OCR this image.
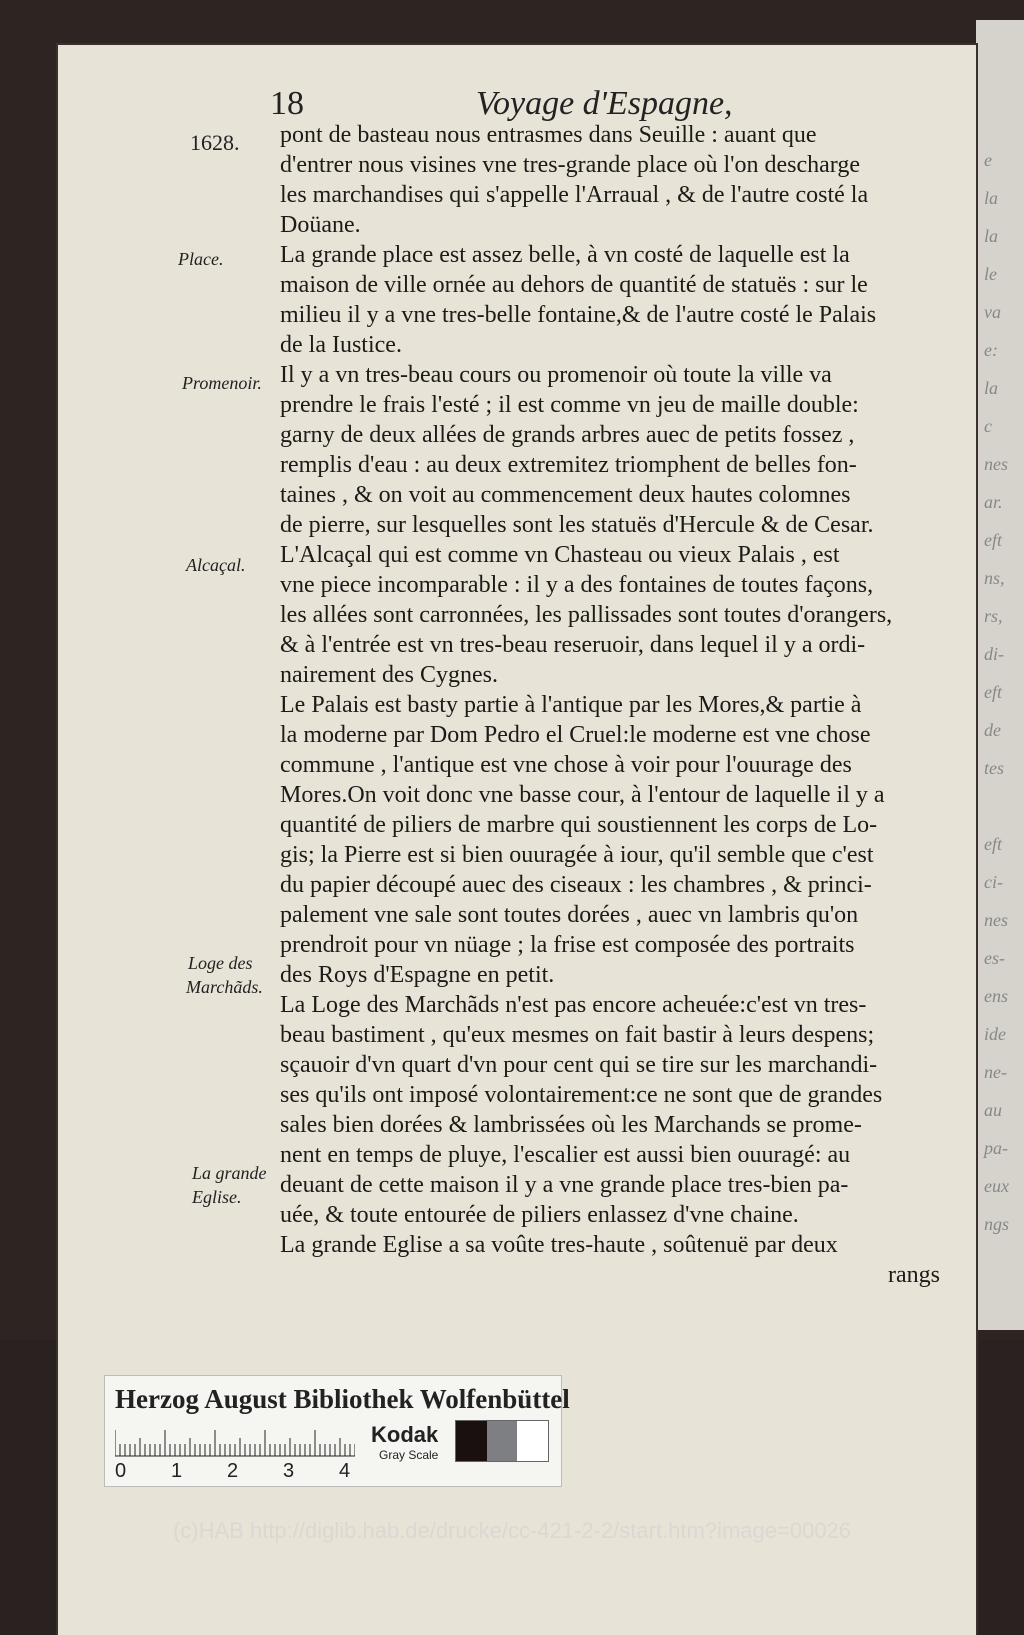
e
la
la
le
va
e:
la
c
nes
ar.
eft
ns,
rs,
di-
eft
de
tes
eft
ci-
nes
es-
ens
ide
ne-
au
pa-
eux
ngs
18	Voyage d'Espagne,
1628.
Place.
Promenoir.
Alcaçal.
Loge des
Marchãds.
La grande
Eglise.
pont de basteau nous entrasmes dans Seuille : auant que
d'entrer nous visines vne tres-grande place où l'on descharge
les marchandises qui s'appelle l'Arraual , & de l'autre costé la
Doüane.
La grande place est assez belle, à vn costé de laquelle est la
maison de ville ornée au dehors de quantité de statuës : sur le
milieu il y a vne tres-belle fontaine,& de l'autre costé le Palais
de la Iustice.
Il y a vn tres-beau cours ou promenoir où toute la ville va
prendre le frais l'esté ; il est comme vn jeu de maille double:
garny de deux allées de grands arbres auec de petits fossez ,
remplis d'eau : au deux extremitez triomphent de belles fon-
taines , & on voit au commencement deux hautes colomnes
de pierre, sur lesquelles sont les statuës d'Hercule & de Cesar.
L'Alcaçal qui est comme vn Chasteau ou vieux Palais , est
vne piece incomparable : il y a des fontaines de toutes façons,
les allées sont carronnées, les pallissades sont toutes d'orangers,
& à l'entrée est vn tres-beau reseruoir, dans lequel il y a ordi-
nairement des Cygnes.
Le Palais est basty partie à l'antique par les Mores,& partie à
la moderne par Dom Pedro el Cruel:le moderne est vne chose
commune , l'antique est vne chose à voir pour l'ouurage des
Mores.On voit donc vne basse cour, à l'entour de laquelle il y a
quantité de piliers de marbre qui soustiennent les corps de Lo-
gis; la Pierre est si bien ouuragée à iour, qu'il semble que c'est
du papier découpé auec des ciseaux : les chambres , & princi-
palement vne sale sont toutes dorées , auec vn lambris qu'on
prendroit pour vn nüage ; la frise est composée des portraits
des Roys d'Espagne en petit.
La Loge des Marchãds n'est pas encore acheuée:c'est vn tres-
beau bastiment , qu'eux mesmes on fait bastir à leurs despens;
sçauoir d'vn quart d'vn pour cent qui se tire sur les marchandi-
ses qu'ils ont imposé volontairement:ce ne sont que de grandes
sales bien dorées & lambrissées où les Marchands se prome-
nent en temps de pluye, l'escalier est aussi bien ouuragé: au
deuant de cette maison il y a vne grande place tres-bien pa-
uée, & toute entourée de piliers enlassez d'vne chaine.
La grande Eglise a sa voûte tres-haute , soûtenuë par deux
rangs
Herzog August Bibliothek Wolfenbüttel
0 1 2 3 4
Kodak
Gray Scale
(c)HAB http://diglib.hab.de/drucke/cc-421-2-2/start.htm?image=00026
